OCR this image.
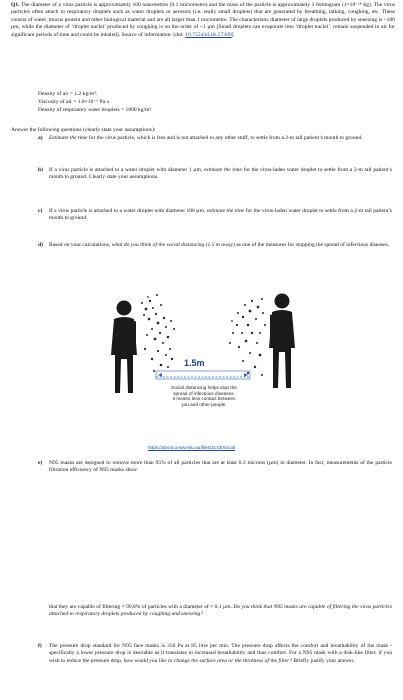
Q1. The diameter of a virus particle is approximately 100 nanometres (0.1 micrometre) and the mass of the particle is approximately 1 femtogram (1×10⁻¹⁸ kg). The virus particles often attach to respiratory droplets such as water droplets or aerosols (i.e. really small droplets) that are generated by breathing, talking, coughing, etc. These consist of water, mucus protein and other biological material and are all larger than 1 micrometre. The characteristic diameter of large droplets produced by sneezing is ~100 µm, while the diameter of ‘droplet nuclei’ produced by coughing is on the order of ~1 µm [Small droplets can evaporate into ‘droplet nuclei’, remain suspended in air for significant periods of time and could be inhaled]. Source of information: [doi: 10.7554/eLife.57309]
Density of air = 1.2 kg/m³.
Viscosity of air = 1.8×10⁻⁵ Pa·s.
Density of respiratory water droplets = 1000 kg/m³.
Answer the following questions (clearly state your assumptions):
a) Estimate the time for the virus particle, which is free and is not attached to any other stuff, to settle from a 2-m tall patient’s mouth to ground.
b) If a virus particle is attached to a water droplet with diameter 1 µm, estimate the time for the virus-laden water droplet to settle from a 2-m tall patient’s month to ground. Clearly state your assumptions.
c) If a virus particle is attached to a water droplet with diameter 100 µm, estimate the time for the virus-laden water droplet to settle from a 2-m tall patient’s mouth to ground.
d) Based on your calculations, what do you think of the social distancing (1.5 m away) as one of the measures for stopping the spread of infectious diseases.
1.5m
Social distancing helps stop the
spread of infectious diseases.
It means less contact between
you and other people.
https://about.unsw.edu.au/files/3143/Social
e) N95 masks are designed to remove more than 95% of all particles that are at least 0.3 microns (µm) in diameter. In fact, measurements of the particle filtration efficiency of N95 masks show
that they are capable of filtering ≈ 99.8% of particles with a diameter of ≈ 0.1 µm. Do you think that N95 masks are capable of filtering the virus particles attached to respiratory droplets produced by coughing and sneezing?
f) The pressure drop standard for N95 face masks is 350 Pa at 85 litre per min. The pressure drop affects the comfort and breathability of the mask - specifically a lower pressure drop is desirable as it translates to increased breathability and thus comfort. For a N95 mask with a disk-like filter, if you wish to reduce the pressure drop, how would you like to change the surface area or the thickness of the filter? Briefly justify your answer.
